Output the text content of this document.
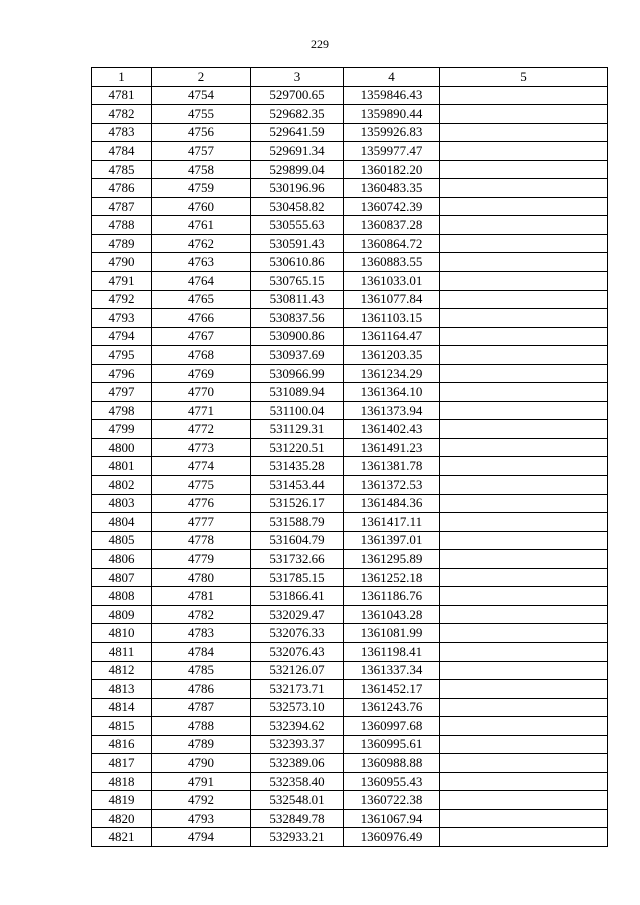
229
1	2	3	4	5
4781	4754	529700.65	1359846.43	
4782	4755	529682.35	1359890.44	
4783	4756	529641.59	1359926.83	
4784	4757	529691.34	1359977.47	
4785	4758	529899.04	1360182.20	
4786	4759	530196.96	1360483.35	
4787	4760	530458.82	1360742.39	
4788	4761	530555.63	1360837.28	
4789	4762	530591.43	1360864.72	
4790	4763	530610.86	1360883.55	
4791	4764	530765.15	1361033.01	
4792	4765	530811.43	1361077.84	
4793	4766	530837.56	1361103.15	
4794	4767	530900.86	1361164.47	
4795	4768	530937.69	1361203.35	
4796	4769	530966.99	1361234.29	
4797	4770	531089.94	1361364.10	
4798	4771	531100.04	1361373.94	
4799	4772	531129.31	1361402.43	
4800	4773	531220.51	1361491.23	
4801	4774	531435.28	1361381.78	
4802	4775	531453.44	1361372.53	
4803	4776	531526.17	1361484.36	
4804	4777	531588.79	1361417.11	
4805	4778	531604.79	1361397.01	
4806	4779	531732.66	1361295.89	
4807	4780	531785.15	1361252.18	
4808	4781	531866.41	1361186.76	
4809	4782	532029.47	1361043.28	
4810	4783	532076.33	1361081.99	
4811	4784	532076.43	1361198.41	
4812	4785	532126.07	1361337.34	
4813	4786	532173.71	1361452.17	
4814	4787	532573.10	1361243.76	
4815	4788	532394.62	1360997.68	
4816	4789	532393.37	1360995.61	
4817	4790	532389.06	1360988.88	
4818	4791	532358.40	1360955.43	
4819	4792	532548.01	1360722.38	
4820	4793	532849.78	1361067.94	
4821	4794	532933.21	1360976.49	
